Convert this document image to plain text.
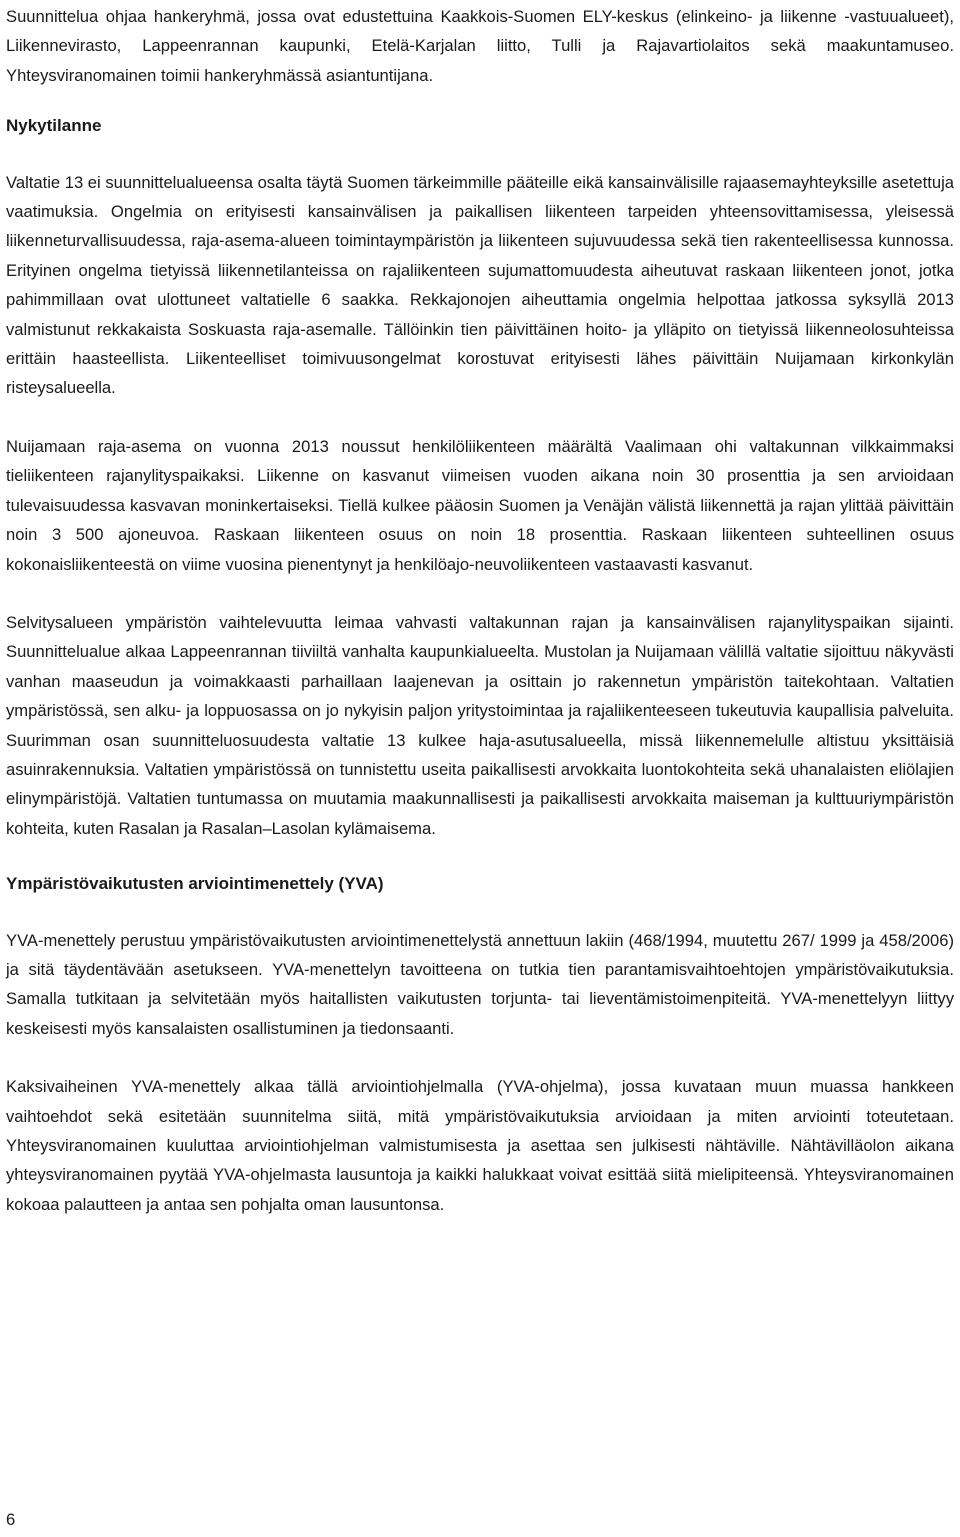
Suunnittelua ohjaa hankeryhmä, jossa ovat edustettuina Kaakkois-Suomen ELY-keskus (elinkeino- ja liikenne -vastuualueet), Liikennevirasto, Lappeenrannan kaupunki, Etelä-Karjalan liitto, Tulli ja Rajavartiolaitos sekä maakuntamuseo. Yhteysviranomainen toimii hankeryhmässä asiantuntijana.

Nykytilanne

Valtatie 13 ei suunnittelualueensa osalta täytä Suomen tärkeimmille pääteille eikä kansainvälisille rajaasemayhteyksille asetettuja vaatimuksia. Ongelmia on erityisesti kansainvälisen ja paikallisen liikenteen tarpeiden yhteensovittamisessa, yleisessä liikenneturvallisuudessa, raja-asema-alueen toimintaympäristön ja liikenteen sujuvuudessa sekä tien rakenteellisessa kunnossa. Erityinen ongelma tietyissä liikennetilanteissa on rajaliikenteen sujumattomuudesta aiheutuvat raskaan liikenteen jonot, jotka pahimmillaan ovat ulottuneet valtatielle 6 saakka. Rekkajonojen aiheuttamia ongelmia helpottaa jatkossa syksyllä 2013 valmistunut rekkakaista Soskuasta raja-asemalle. Tällöinkin tien päivittäinen hoito- ja ylläpito on tietyissä liikenneolosuhteissa erittäin haasteellista. Liikenteelliset toimivuusongelmat korostuvat erityisesti lähes päivittäin Nuijamaan kirkonkylän risteysalueella.

Nuijamaan raja-asema on vuonna 2013 noussut henkilöliikenteen määrältä Vaalimaan ohi valtakunnan vilkkaimmaksi tieliikenteen rajanylityspaikaksi. Liikenne on kasvanut viimeisen vuoden aikana noin 30 prosenttia ja sen arvioidaan tulevaisuudessa kasvavan moninkertaiseksi. Tiellä kulkee pääosin Suomen ja Venäjän välistä liikennettä ja rajan ylittää päivittäin noin 3 500 ajoneuvoa. Raskaan liikenteen osuus on noin 18 prosenttia. Raskaan liikenteen suhteellinen osuus kokonaisliikenteestä on viime vuosina pienentynyt ja henkilöajo-neuvoliikenteen vastaavasti kasvanut.

Selvitysalueen ympäristön vaihtelevuutta leimaa vahvasti valtakunnan rajan ja kansainvälisen rajanylityspaikan sijainti. Suunnittelualue alkaa Lappeenrannan tiiviiltä vanhalta kaupunkialueelta. Mustolan ja Nuijamaan välillä valtatie sijoittuu näkyvästi vanhan maaseudun ja voimakkaasti parhaillaan laajenevan ja osittain jo rakennetun ympäristön taitekohtaan. Valtatien ympäristössä, sen alku- ja loppuosassa on jo nykyisin paljon yritystoimintaa ja rajaliikenteeseen tukeutuvia kaupallisia palveluita. Suurimman osan suunnitteluosuudesta valtatie 13 kulkee haja-asutusalueella, missä liikennemelulle altistuu yksittäisiä asuinrakennuksia. Valtatien ympäristössä on tunnistettu useita paikallisesti arvokkaita luontokohteita sekä uhanalaisten eliölajien elinympäristöjä. Valtatien tuntumassa on muutamia maakunnallisesti ja paikallisesti arvokkaita maiseman ja kulttuuriympäristön kohteita, kuten Rasalan ja Rasalan–Lasolan kylämaisema.

Ympäristövaikutusten arviointimenettely (YVA)

YVA-menettely perustuu ympäristövaikutusten arviointimenettelystä annettuun lakiin (468/1994, muutettu 267/ 1999 ja 458/2006) ja sitä täydentävään asetukseen. YVA-menettelyn tavoitteena on tutkia tien parantamisvaihtoehtojen ympäristövaikutuksia. Samalla tutkitaan ja selvitetään myös haitallisten vaikutusten torjunta- tai lieventämistoimenpiteitä. YVA-menettelyyn liittyy keskeisesti myös kansalaisten osallistuminen ja tiedonsaanti.

Kaksivaiheinen YVA-menettely alkaa tällä arviointiohjelmalla (YVA-ohjelma), jossa kuvataan muun muassa hankkeen vaihtoehdot sekä esitetään suunnitelma siitä, mitä ympäristövaikutuksia arvioidaan ja miten arviointi toteutetaan. Yhteysviranomainen kuuluttaa arviointiohjelman valmistumisesta ja asettaa sen julkisesti nähtäville. Nähtävilläolon aikana yhteysviranomainen pyytää YVA-ohjelmasta lausuntoja ja kaikki halukkaat voivat esittää siitä mielipiteensä. Yhteysviranomainen kokoaa palautteen ja antaa sen pohjalta oman lausuntonsa.

6
